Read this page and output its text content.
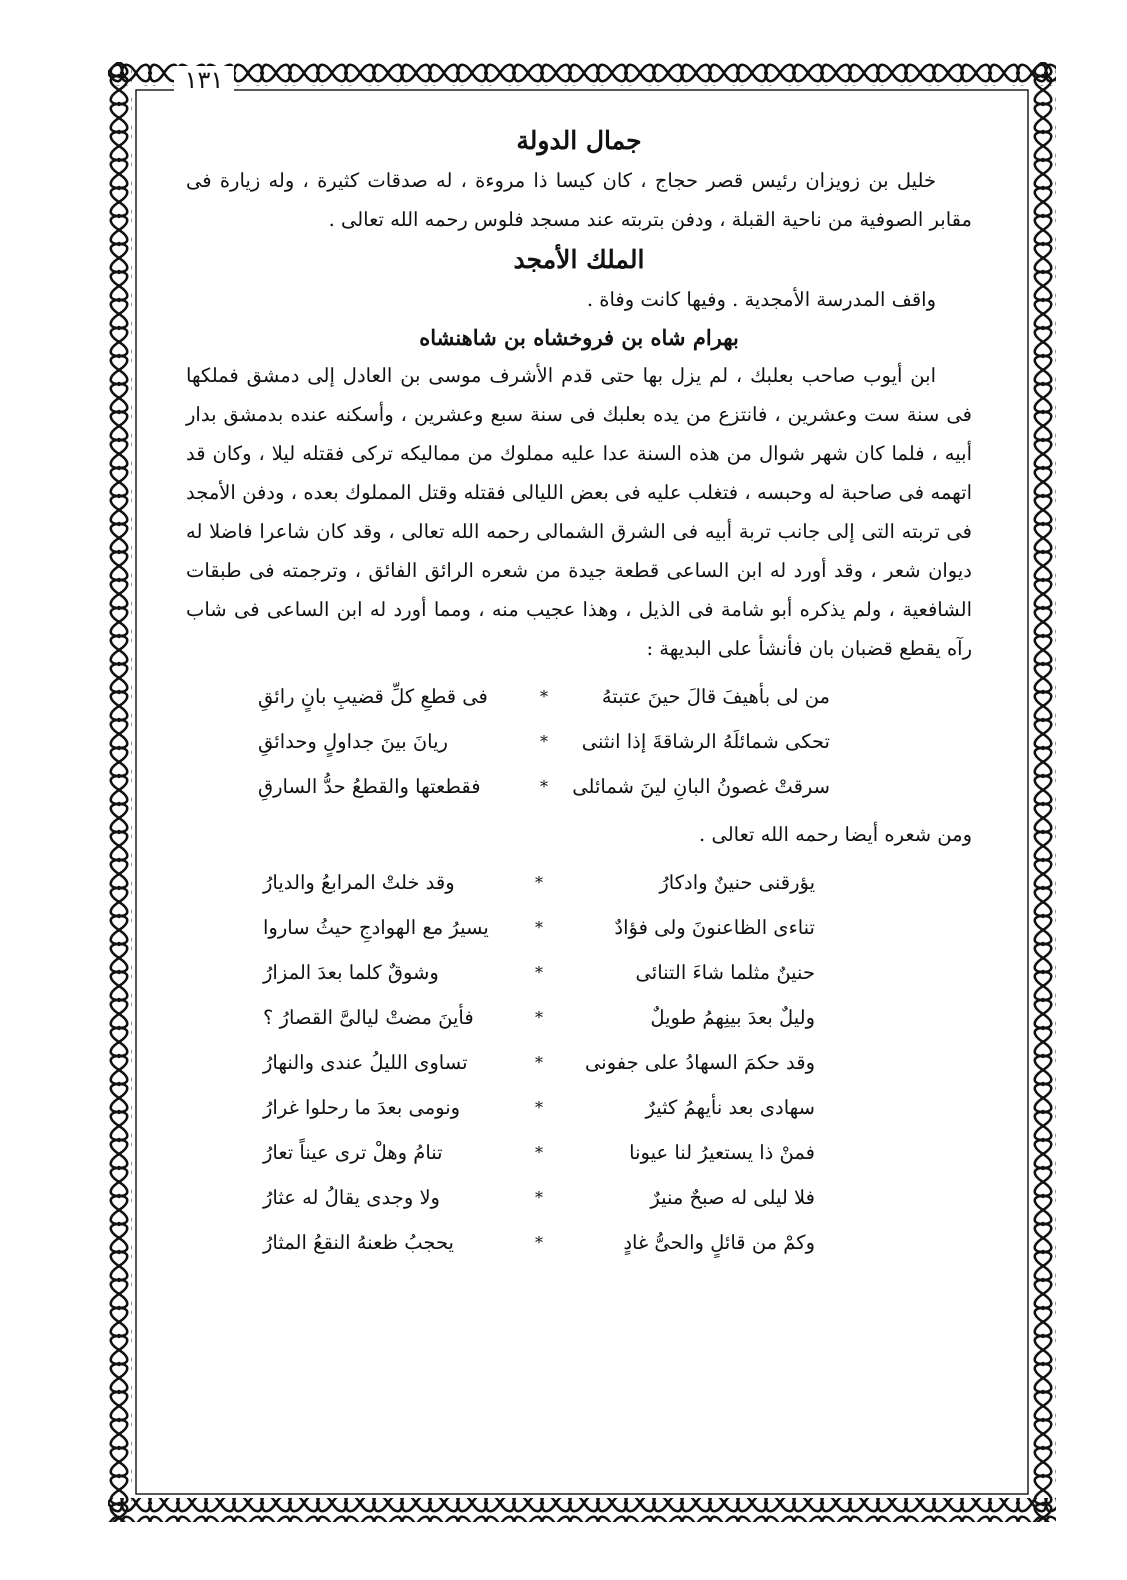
١٣١
جمال الدولة

خليل بن زويزان رئيس قصر حجاج ، كان كيسا ذا مروءة ، له صدقات كثيرة ، وله زيارة فى مقابر الصوفية من ناحية القبلة ، ودفن بتربته عند مسجد فلوس رحمه الله تعالى .

الملك الأمجد

واقف المدرسة الأمجدية . وفيها كانت وفاة .

بهرام شاه بن فروخشاه بن شاهنشاه

ابن أيوب صاحب بعلبك ، لم يزل بها حتى قدم الأشرف موسى بن العادل إلى دمشق فملكها فى سنة ست وعشرين ، فانتزع من يده بعلبك فى سنة سبع وعشرين ، وأسكنه عنده بدمشق بدار أبيه ، فلما كان شهر شوال من هذه السنة عدا عليه مملوك من مماليكه تركى فقتله ليلا ، وكان قد اتهمه فى صاحبة له وحبسه ، فتغلب عليه فى بعض الليالى فقتله وقتل المملوك بعده ، ودفن الأمجد فى تربته التى إلى جانب تربة أبيه فى الشرق الشمالى رحمه الله تعالى ، وقد كان شاعرا فاضلا له ديوان شعر ، وقد أورد له ابن الساعى قطعة جيدة من شعره الرائق الفائق ، وترجمته فى طبقات الشافعية ، ولم يذكره أبو شامة فى الذيل ، وهذا عجيب منه ، ومما أورد له ابن الساعى فى شاب رآه يقطع قضبان بان فأنشأ على البديهة :

من لى بأهيفَ قالَ حينَ عتبتهُ
*
فى قطعِ كلِّ قضيبِ بانٍ رائقِ
تحكى شمائلَهُ الرشاقةَ إذا انثنى
*
ريانَ بينَ جداولٍ وحدائقِ
سرقتْ غصونُ البانِ لينَ شمائلى
*
فقطعتها والقطعُ حدُّ السارقِ

ومن شعره أيضا رحمه الله تعالى .

يؤرقنى حنينٌ وادكارُ
*
وقد خلتْ المرابعُ والديارُ
تناءى الظاعنونَ ولى فؤادٌ
*
يسيرُ مع الهوادجِ حيثُ ساروا
حنينٌ مثلما شاءَ التنائى
*
وشوقٌ كلما بعدَ المزارُ
وليلٌ بعدَ بينِهمُ طويلٌ
*
فأينَ مضتْ ليالىَّ القصارُ ؟
وقد حكمَ السهادُ على جفونى
*
تساوى الليلُ عندى والنهارُ
سهادى بعد نأيهمُ كثيرٌ
*
ونومى بعدَ ما رحلوا غرارُ
فمنْ ذا يستعيرُ لنا عيونا
*
تنامُ وهلْ ترى عيناً تعارُ
فلا ليلى له صبحٌ منيرٌ
*
ولا وجدى يقالُ له عثارُ
وكمْ من قائلٍ والحىُّ غادٍ
*
يحجبُ ظعنهُ النقعُ المثارُ
